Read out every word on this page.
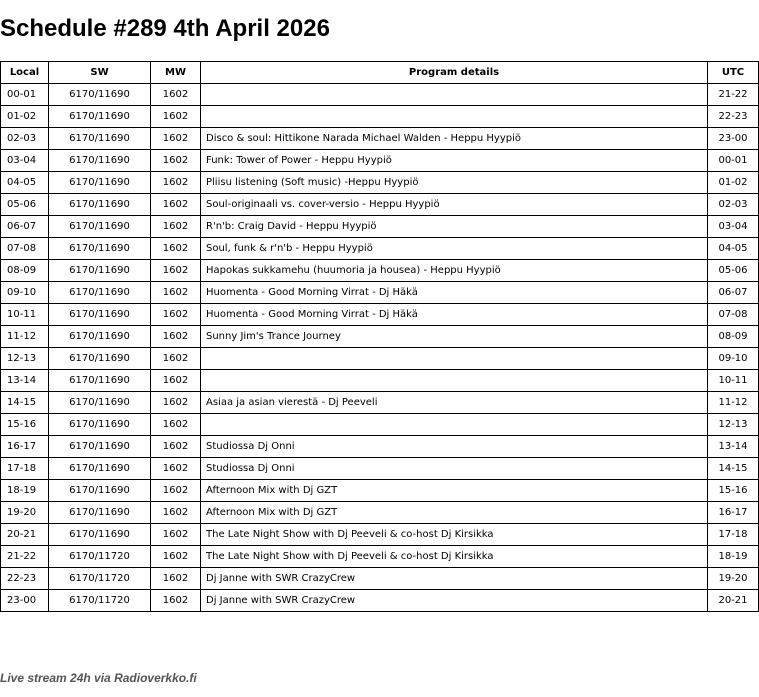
Schedule #289 4th April 2026
Local	SW	MW	Program details	UTC
00-01	6170/11690	1602		21-22
01-02	6170/11690	1602		22-23
02-03	6170/11690	1602	Disco & soul: Hittikone Narada Michael Walden - Heppu Hyypiö	23-00
03-04	6170/11690	1602	Funk: Tower of Power - Heppu Hyypiö	00-01
04-05	6170/11690	1602	Pliisu listening (Soft music) -Heppu Hyypiö	01-02
05-06	6170/11690	1602	Soul-originaali vs. cover-versio - Heppu Hyypiö	02-03
06-07	6170/11690	1602	R'n'b: Craig David - Heppu Hyypiö	03-04
07-08	6170/11690	1602	Soul, funk & r'n'b - Heppu Hyypiö	04-05
08-09	6170/11690	1602	Hapokas sukkamehu (huumoria ja housea) - Heppu Hyypiö	05-06
09-10	6170/11690	1602	Huomenta - Good Morning Virrat - Dj Häkä	06-07
10-11	6170/11690	1602	Huomenta - Good Morning Virrat - Dj Häkä	07-08
11-12	6170/11690	1602	Sunny Jim's Trance Journey	08-09
12-13	6170/11690	1602		09-10
13-14	6170/11690	1602		10-11
14-15	6170/11690	1602	Asiaa ja asian vierestä - Dj Peeveli	11-12
15-16	6170/11690	1602		12-13
16-17	6170/11690	1602	Studiossa Dj Onni	13-14
17-18	6170/11690	1602	Studiossa Dj Onni	14-15
18-19	6170/11690	1602	Afternoon Mix with Dj GZT	15-16
19-20	6170/11690	1602	Afternoon Mix with Dj GZT	16-17
20-21	6170/11690	1602	The Late Night Show with Dj Peeveli & co-host Dj Kirsikka	17-18
21-22	6170/11720	1602	The Late Night Show with Dj Peeveli & co-host Dj Kirsikka	18-19
22-23	6170/11720	1602	Dj Janne with SWR CrazyCrew	19-20
23-00	6170/11720	1602	Dj Janne with SWR CrazyCrew	20-21

Live stream 24h via Radioverkko.fi
